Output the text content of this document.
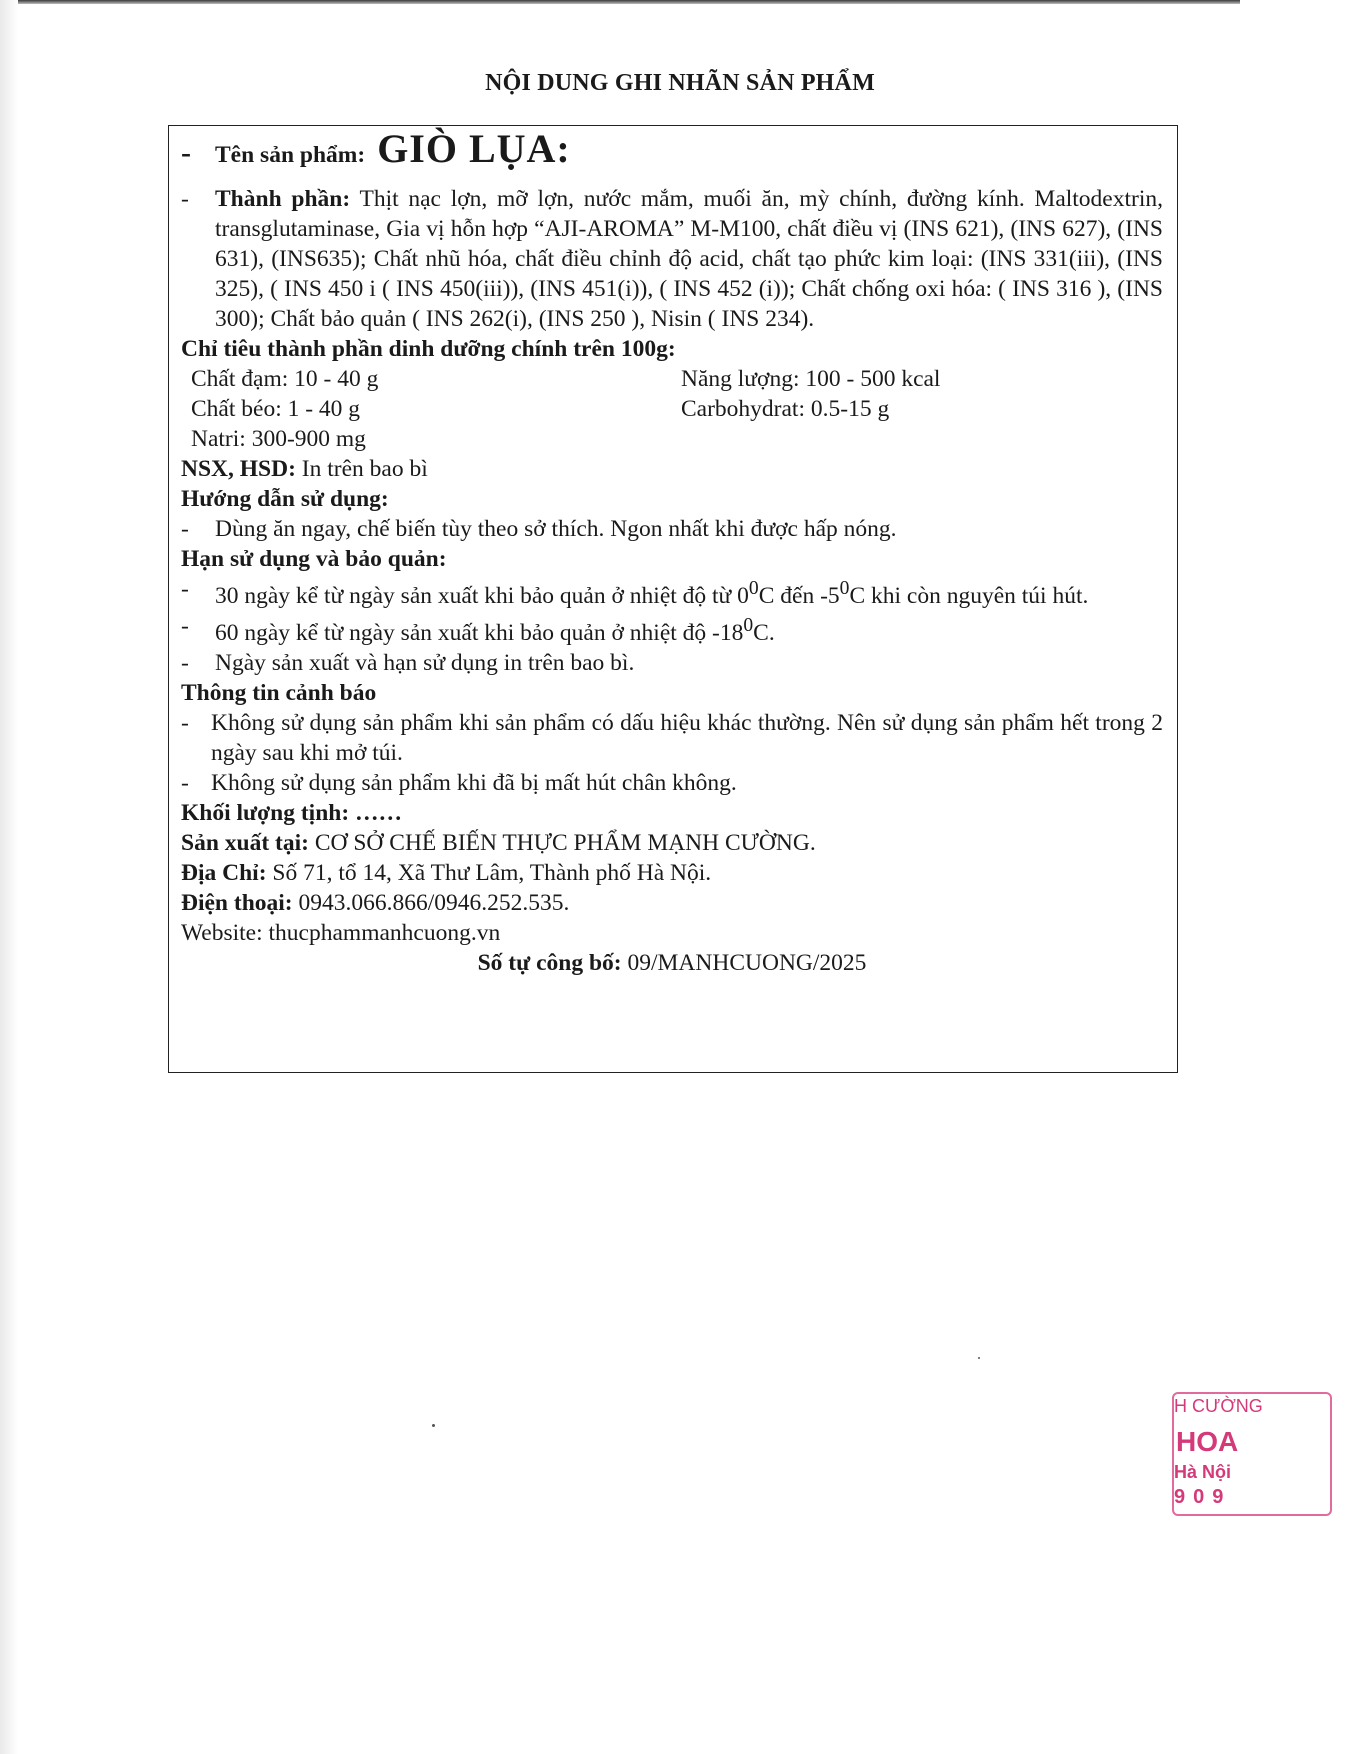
NỘI DUNG GHI NHÃN SẢN PHẨM
-	Tên sản phẩm: GIÒ LỤA:
-	Thành phần: Thịt nạc lợn, mỡ lợn, nước mắm, muối ăn, mỳ chính, đường kính. Maltodextrin, transglutaminase, Gia vị hỗn hợp “AJI-AROMA” M-M100, chất điều vị (INS 621), (INS 627), (INS 631), (INS635); Chất nhũ hóa, chất điều chỉnh độ acid, chất tạo phức kim loại: (INS 331(iii), (INS 325), ( INS 450 i ( INS 450(iii)), (INS 451(i)), ( INS 452 (i)); Chất chống oxi hóa: ( INS 316 ), (INS 300); Chất bảo quản ( INS 262(i), (INS 250 ), Nisin ( INS 234).
Chỉ tiêu thành phần dinh dưỡng chính trên 100g:
Chất đạm: 10 - 40 g	Năng lượng: 100 - 500 kcal
Chất béo: 1 - 40 g	Carbohydrat: 0.5-15 g
Natri: 300-900 mg
NSX, HSD: In trên bao bì
Hướng dẫn sử dụng:
-	Dùng ăn ngay, chế biến tùy theo sở thích. Ngon nhất khi được hấp nóng.
Hạn sử dụng và bảo quản:
-	30 ngày kể từ ngày sản xuất khi bảo quản ở nhiệt độ từ $0^0C$ đến $-5^0C$ khi còn nguyên túi hút.
-	60 ngày kể từ ngày sản xuất khi bảo quản ở nhiệt độ $-18^0C$.
-	Ngày sản xuất và hạn sử dụng in trên bao bì.
Thông tin cảnh báo
- Không sử dụng sản phẩm khi sản phẩm có dấu hiệu khác thường. Nên sử dụng sản phẩm hết trong 2 ngày sau khi mở túi.
- Không sử dụng sản phẩm khi đã bị mất hút chân không.
Khối lượng tịnh: ……
Sản xuất tại: CƠ SỞ CHẾ BIẾN THỰC PHẨM MẠNH CƯỜNG.
Địa Chỉ: Số 71, tổ 14, Xã Thư Lâm, Thành phố Hà Nội.
Điện thoại: 0943.066.866/0946.252.535.
Website: thucphammanhcuong.vn
Số tự công bố: 09/MANHCUONG/2025
H CƯỜNG
HOA
Hà Nội
909
